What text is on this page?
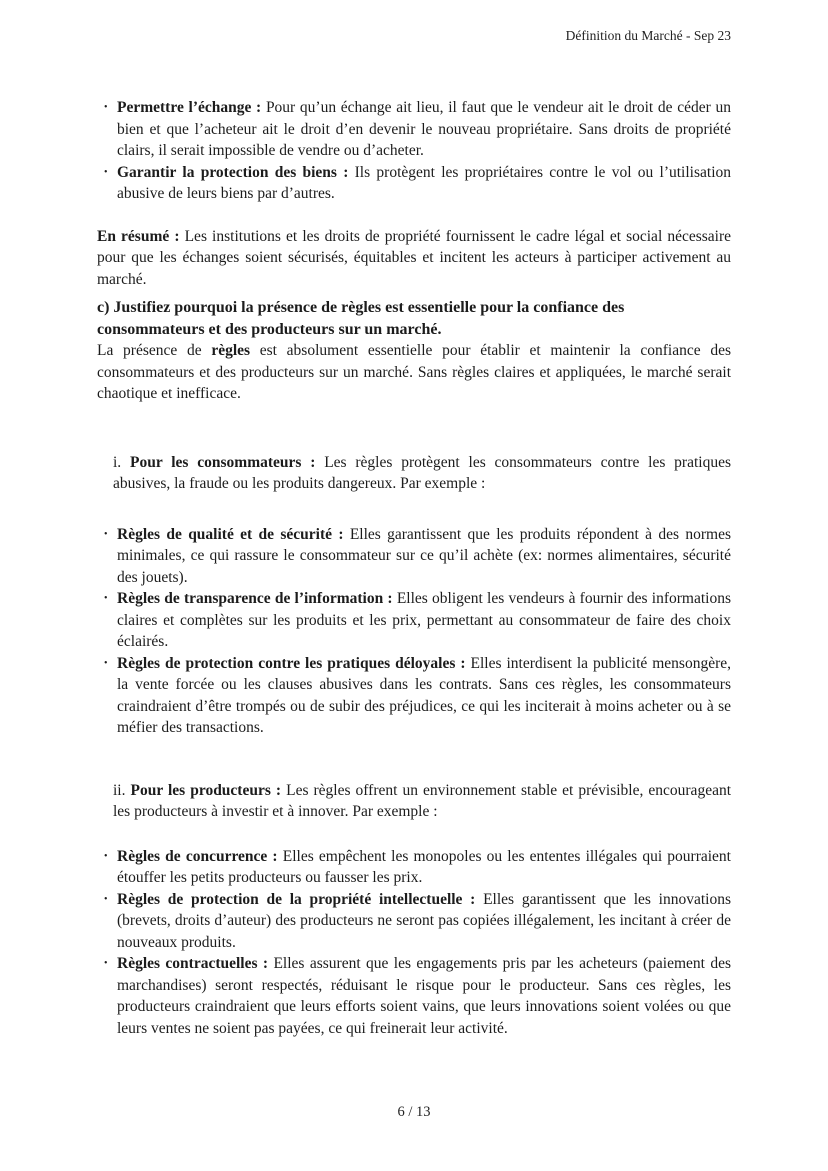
Définition du Marché - Sep 23
• Permettre l’échange : Pour qu’un échange ait lieu, il faut que le vendeur ait le droit de céder un bien et que l’acheteur ait le droit d’en devenir le nouveau propriétaire. Sans droits de propriété clairs, il serait impossible de vendre ou d’acheter.

• Garantir la protection des biens : Ils protègent les propriétaires contre le vol ou l’utilisation abusive de leurs biens par d’autres.

En résumé : Les institutions et les droits de propriété fournissent le cadre légal et social nécessaire pour que les échanges soient sécurisés, équitables et incitent les acteurs à participer activement au marché.

c) Justifiez pourquoi la présence de règles est essentielle pour la confiance des consommateurs et des producteurs sur un marché.

La présence de règles est absolument essentielle pour établir et maintenir la confiance des consommateurs et des producteurs sur un marché. Sans règles claires et appliquées, le marché serait chaotique et inefficace.

i. Pour les consommateurs : Les règles protègent les consommateurs contre les pratiques abusives, la fraude ou les produits dangereux. Par exemple :

• Règles de qualité et de sécurité : Elles garantissent que les produits répondent à des normes minimales, ce qui rassure le consommateur sur ce qu’il achète (ex: normes alimentaires, sécurité des jouets).

• Règles de transparence de l’information : Elles obligent les vendeurs à fournir des informations claires et complètes sur les produits et les prix, permettant au consommateur de faire des choix éclairés.

• Règles de protection contre les pratiques déloyales : Elles interdisent la publicité mensongère, la vente forcée ou les clauses abusives dans les contrats. Sans ces règles, les consommateurs craindraient d’être trompés ou de subir des préjudices, ce qui les inciterait à moins acheter ou à se méfier des transactions.

ii. Pour les producteurs : Les règles offrent un environnement stable et prévisible, encourageant les producteurs à investir et à innover. Par exemple :

• Règles de concurrence : Elles empêchent les monopoles ou les ententes illégales qui pourraient étouffer les petits producteurs ou fausser les prix.

• Règles de protection de la propriété intellectuelle : Elles garantissent que les innovations (brevets, droits d’auteur) des producteurs ne seront pas copiées illégalement, les incitant à créer de nouveaux produits.

• Règles contractuelles : Elles assurent que les engagements pris par les acheteurs (paiement des marchandises) seront respectés, réduisant le risque pour le producteur. Sans ces règles, les producteurs craindraient que leurs efforts soient vains, que leurs innovations soient volées ou que leurs ventes ne soient pas payées, ce qui freinerait leur activité.

6 / 13
